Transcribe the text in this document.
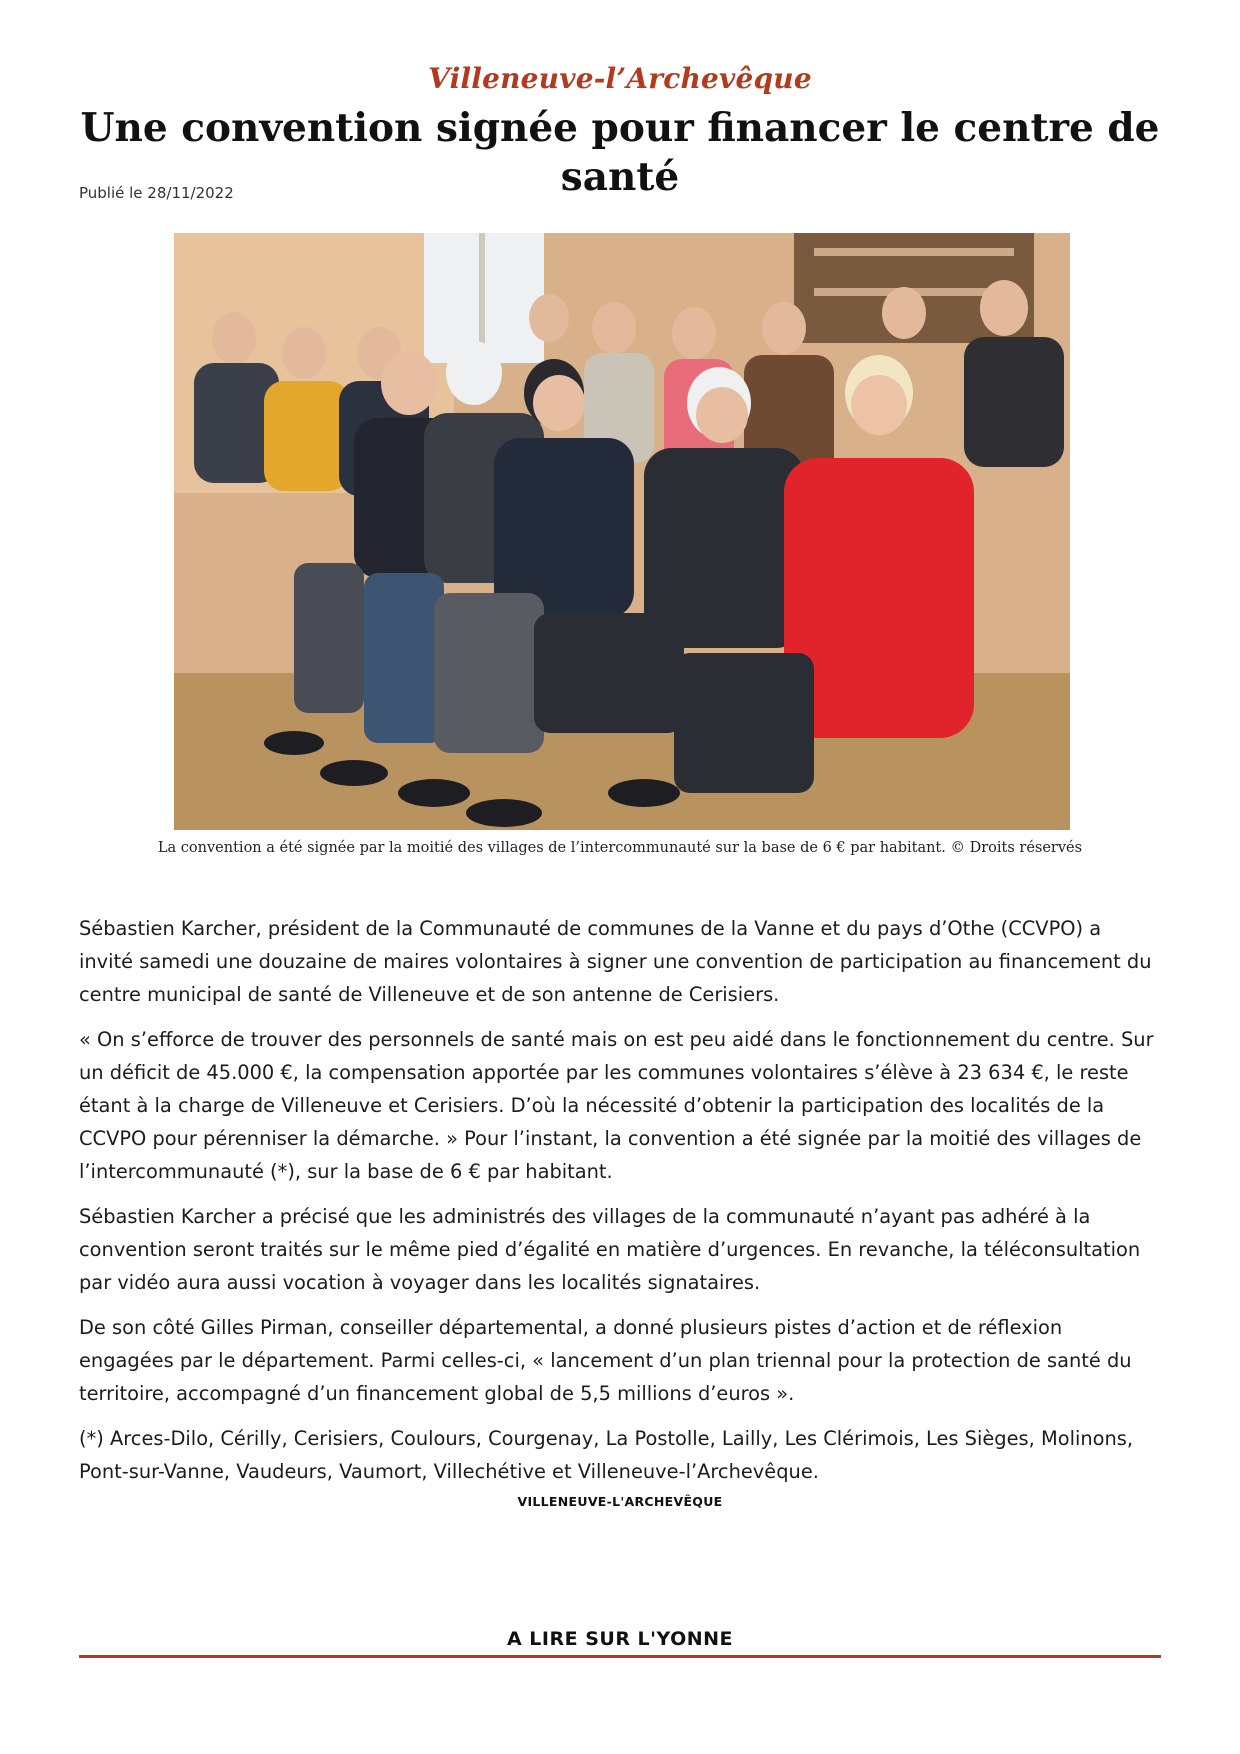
Villeneuve-l’Archevêque
Une convention signée pour financer le centre de santé
Publié le 28/11/2022
La convention a été signée par la moitié des villages de l’intercommunauté sur la base de 6 € par habitant. © Droits réservés

Sébastien Karcher, président de la Communauté de communes de la Vanne et du pays d’Othe (CCVPO) a invité samedi une douzaine de maires volontaires à signer une convention de participation au financement du centre municipal de santé de Villeneuve et de son antenne de Cerisiers.

« On s’efforce de trouver des personnels de santé mais on est peu aidé dans le fonctionnement du centre. Sur un déficit de 45.000 €, la compensation apportée par les communes volontaires s’élève à 23 634 €, le reste étant à la charge de Villeneuve et Cerisiers. D’où la nécessité d’obtenir la participation des localités de la CCVPO pour pérenniser la démarche. » Pour l’instant, la convention a été signée par la moitié des villages de l’intercommunauté (*), sur la base de 6 € par habitant.

Sébastien Karcher a précisé que les administrés des villages de la communauté n’ayant pas adhéré à la convention seront traités sur le même pied d’égalité en matière d’urgences. En revanche, la téléconsultation par vidéo aura aussi vocation à voyager dans les localités signataires.

De son côté Gilles Pirman, conseiller départemental, a donné plusieurs pistes d’action et de réflexion engagées par le département. Parmi celles-ci, « lancement d’un plan triennal pour la protection de santé du territoire, accompagné d’un financement global de 5,5 millions d’euros ».

(*) Arces-Dilo, Cérilly, Cerisiers, Coulours, Courgenay, La Postolle, Lailly, Les Clérimois, Les Sièges, Molinons, Pont-sur-Vanne, Vaudeurs, Vaumort, Villechétive et Villeneuve-l’Archevêque.

VILLENEUVE-L'ARCHEVÊQUE
A LIRE SUR L'YONNE
